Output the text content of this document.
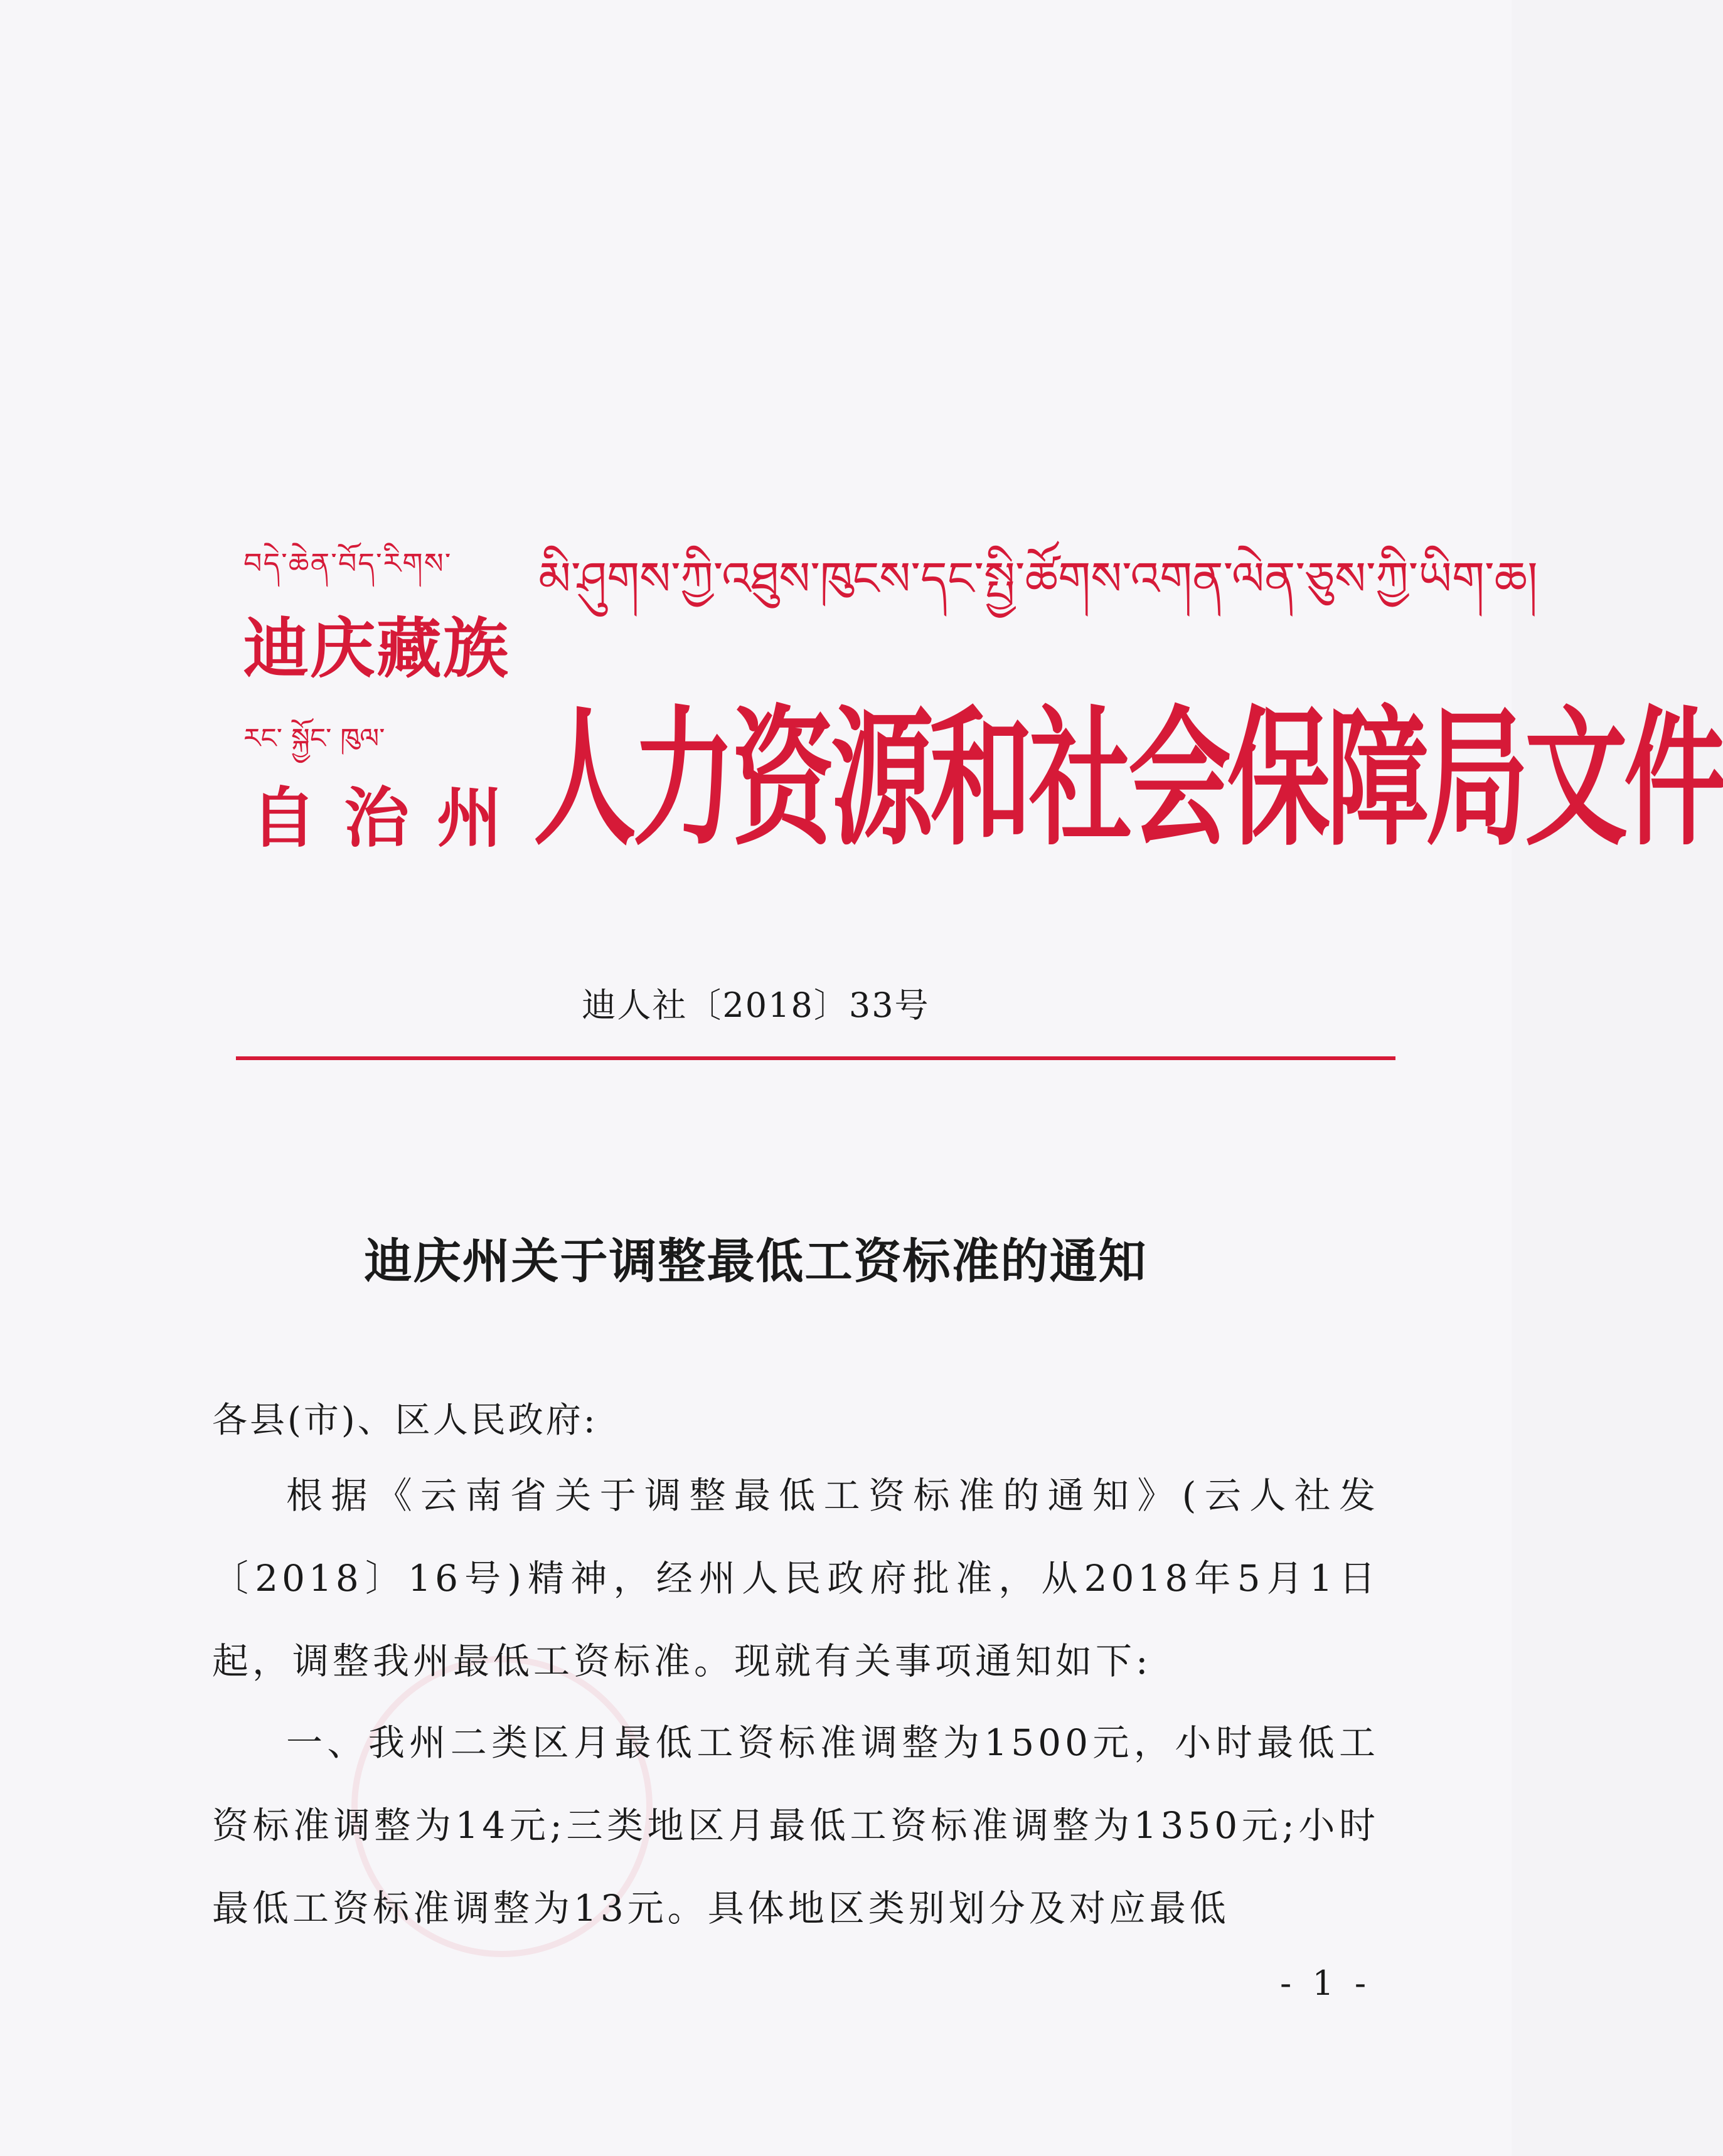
བདེ་ཆེན་བོད་རིགས་
迪庆藏族
རང་ སྐྱོང་ ཁུལ་
自治州
མི་ཤུགས་ཀྱི་འཐུས་ཁུངས་དང་སྤྱི་ཚོགས་འགན་ལེན་ཅུས་ཀྱི་ཡིག་ཆ།
人力资源和社会保障局文件
迪人社〔2018〕33号
迪庆州关于调整最低工资标准的通知
各县(市)、区人民政府:
根据《云南省关于调整最低工资标准的通知》(云人社发〔2018〕16号)精神，经州人民政府批准，从2018年5月1日起，调整我州最低工资标准。现就有关事项通知如下:
一、我州二类区月最低工资标准调整为1500元，小时最低工资标准调整为14元;三类地区月最低工资标准调整为1350元;小时最低工资标准调整为13元。具体地区类别划分及对应最低
- 1 -
